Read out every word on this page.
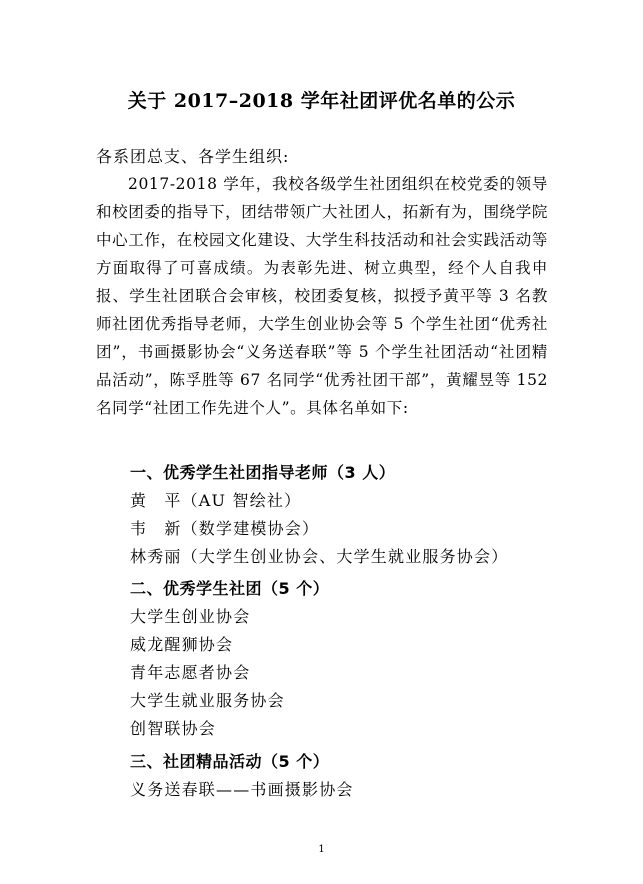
关于 2017–2018 学年社团评优名单的公示
各系团总支、各学生组织:

2017-2018 学年，我校各级学生社团组织在校党委的领导和校团委的指导下，团结带领广大社团人，拓新有为，围绕学院中心工作，在校园文化建设、大学生科技活动和社会实践活动等方面取得了可喜成绩。为表彰先进、树立典型，经个人自我申报、学生社团联合会审核，校团委复核，拟授予黄平等 3 名教师社团优秀指导老师，大学生创业协会等 5 个学生社团“优秀社团”，书画摄影协会“义务送春联”等 5 个学生社团活动“社团精品活动”，陈孚胜等 67 名同学“优秀社团干部”，黄耀昱等 152 名同学“社团工作先进个人”。具体名单如下:

一、优秀学生社团指导老师（3 人）
黄　平（AU 智绘社）
韦　新（数学建模协会）
林秀丽（大学生创业协会、大学生就业服务协会）
二、优秀学生社团（5 个）
大学生创业协会
威龙醒狮协会
青年志愿者协会
大学生就业服务协会
创智联协会
三、社团精品活动（5 个）
义务送春联——书画摄影协会
1
